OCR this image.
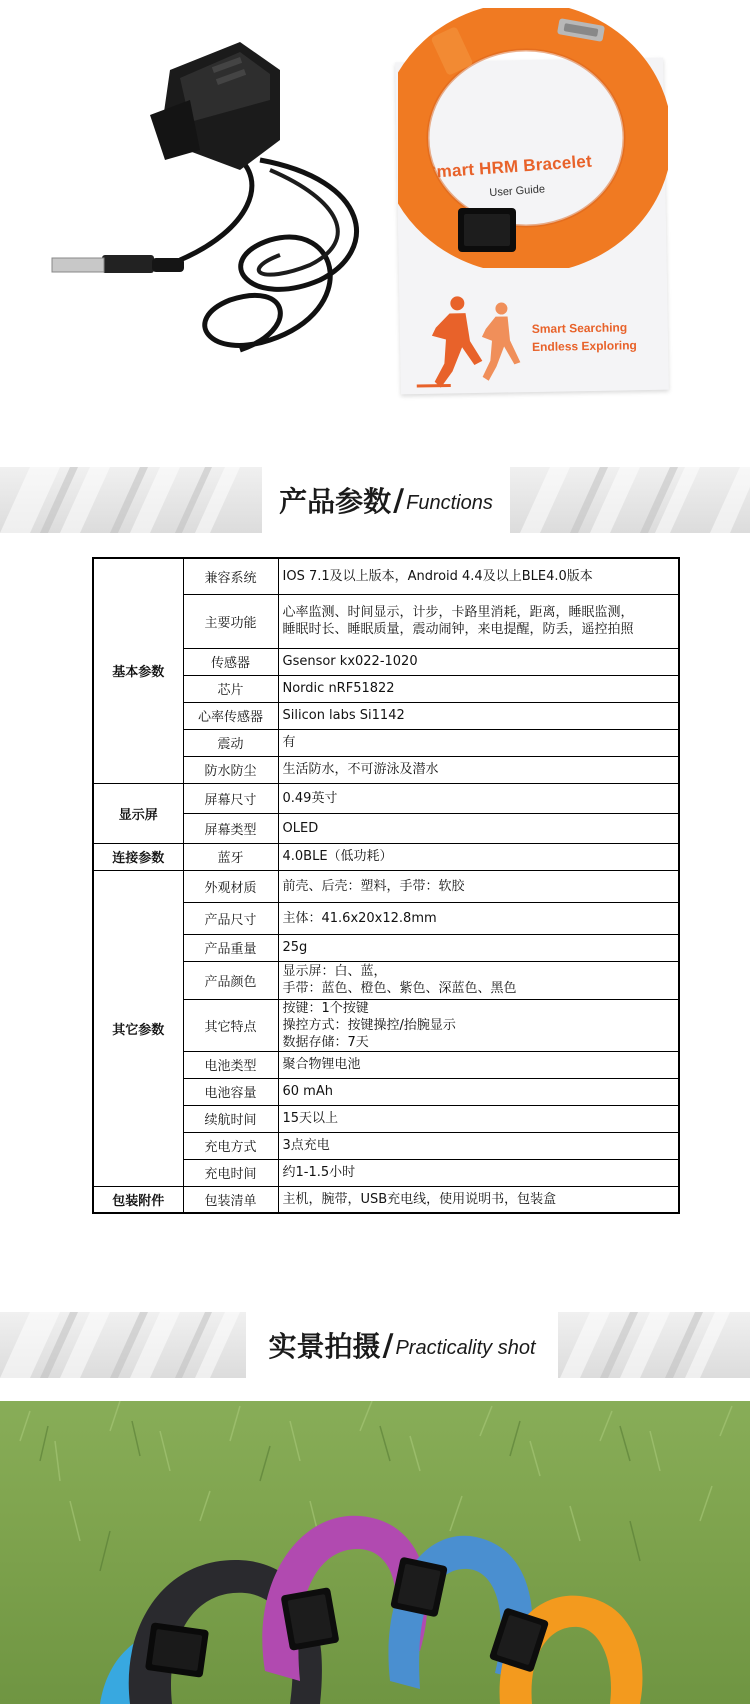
Smart HRM Bracelet
User Guide
Smart Searching
Endless Exploring
产品参数 / Functions
基本参数	兼容系统	IOS 7.1及以上版本，Android 4.4及以上BLE4.0版本

	主要功能	心率监测、时间显示，计步，卡路里消耗，距离，睡眠监测，
睡眠时长、睡眠质量，震动闹钟，来电提醒，防丢，遥控拍照

	传感器	Gsensor kx022-1020

	芯片	Nordic nRF51822

	心率传感器	Silicon labs Si1142

	震动	有

	防水防尘	生活防水，不可游泳及潜水

显示屏	屏幕尺寸	0.49英寸

	屏幕类型	OLED

连接参数	蓝牙	4.0BLE（低功耗）

其它参数	外观材质	前壳、后壳：塑料，手带：软胶

	产品尺寸	主体：41.6x20x12.8mm

	产品重量	25g

	产品颜色	显示屏：白、蓝，
手带：蓝色、橙色、紫色、深蓝色、黑色

	其它特点	按键：1个按键
操控方式：按键操控/抬腕显示
数据存储：7天

	电池类型	聚合物锂电池

	电池容量	60 mAh

	续航时间	15天以上

	充电方式	3点充电

	充电时间	约1-1.5小时

包装附件	包装清单	主机，腕带，USB充电线，使用说明书，包装盒
实景拍摄 / Practicality shot
